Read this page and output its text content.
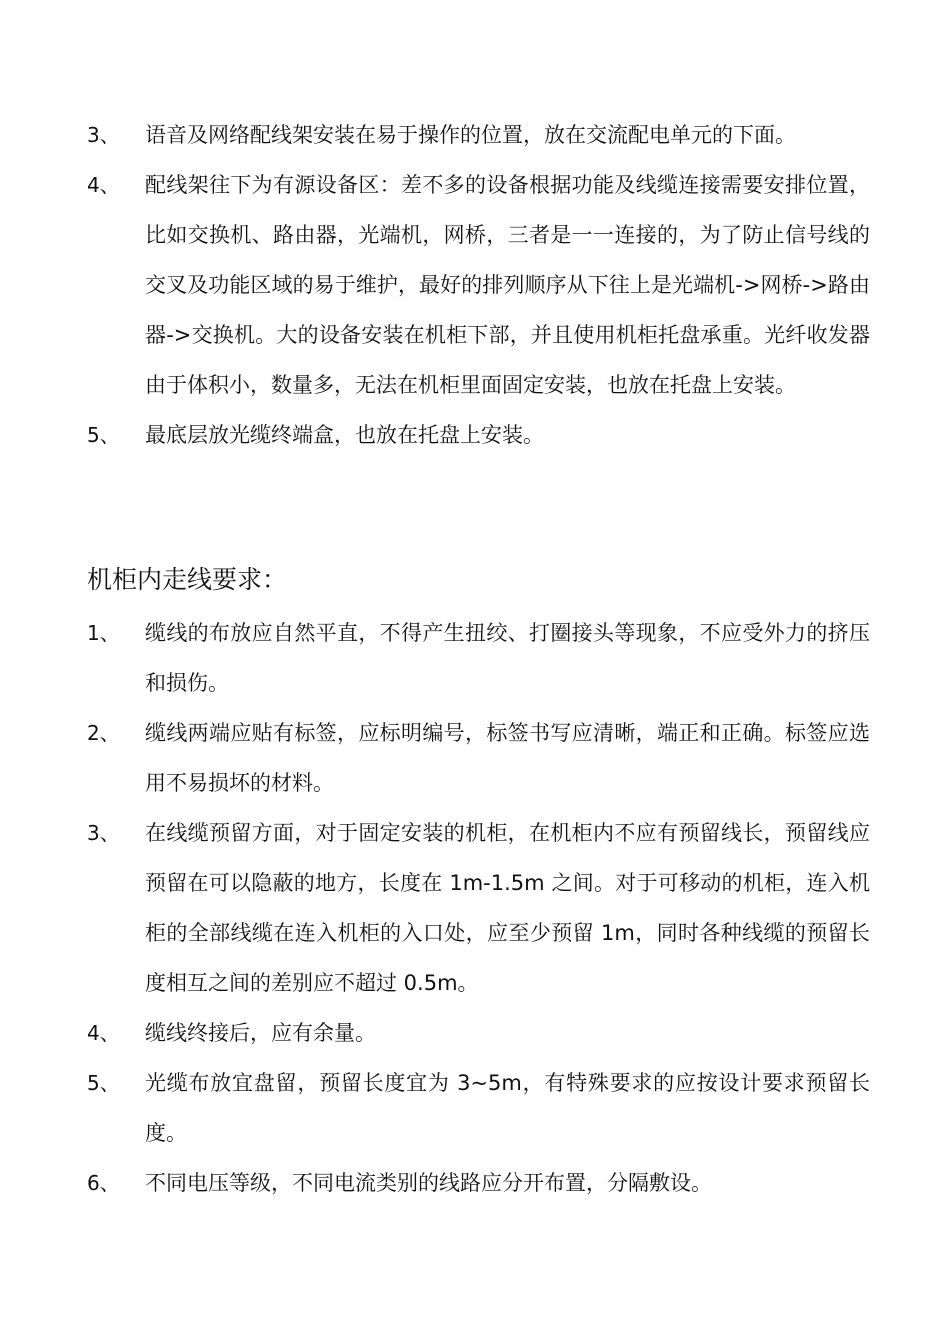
3、 语音及网络配线架安装在易于操作的位置，放在交流配电单元的下面。
4、 配线架往下为有源设备区：差不多的设备根据功能及线缆连接需要安排位置，比如交换机、路由器，光端机，网桥，三者是一一连接的，为了防止信号线的交叉及功能区域的易于维护，最好的排列顺序从下往上是光端机->网桥->路由器->交换机。大的设备安装在机柜下部，并且使用机柜托盘承重。光纤收发器由于体积小，数量多，无法在机柜里面固定安装，也放在托盘上安装。
5、 最底层放光缆终端盒，也放在托盘上安装。
机柜内走线要求：
1、 缆线的布放应自然平直，不得产生扭绞、打圈接头等现象，不应受外力的挤压和损伤。
2、 缆线两端应贴有标签，应标明编号，标签书写应清晰，端正和正确。标签应选用不易损坏的材料。
3、 在线缆预留方面，对于固定安装的机柜，在机柜内不应有预留线长，预留线应预留在可以隐蔽的地方，长度在 1m-1.5m 之间。对于可移动的机柜，连入机柜的全部线缆在连入机柜的入口处，应至少预留 1m，同时各种线缆的预留长度相互之间的差别应不超过 0.5m。
4、 缆线终接后，应有余量。
5、 光缆布放宜盘留，预留长度宜为 3~5m，有特殊要求的应按设计要求预留长度。
6、 不同电压等级，不同电流类别的线路应分开布置，分隔敷设。
